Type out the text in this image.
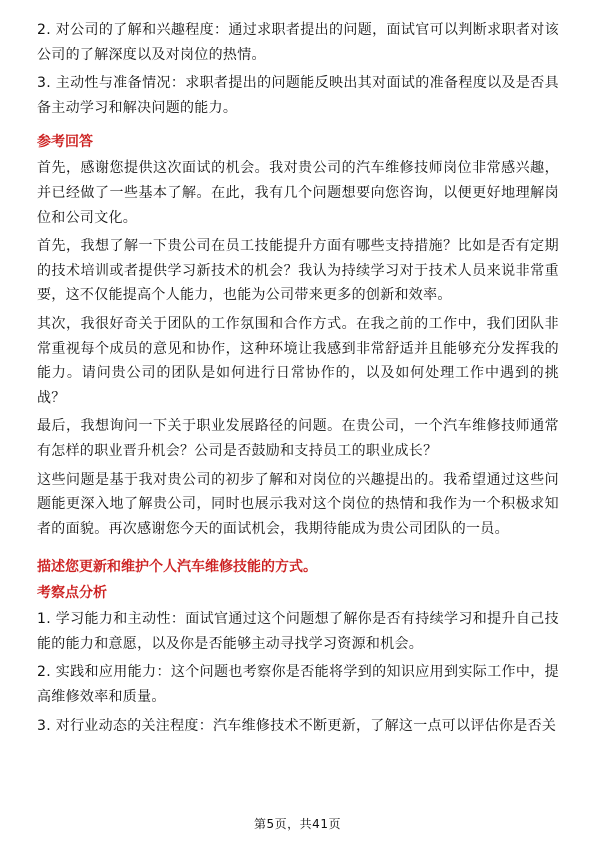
2. 对公司的了解和兴趣程度：通过求职者提出的问题，面试官可以判断求职者对该公司的了解深度以及对岗位的热情。

3. 主动性与准备情况：求职者提出的问题能反映出其对面试的准备程度以及是否具备主动学习和解决问题的能力。

参考回答

首先，感谢您提供这次面试的机会。我对贵公司的汽车维修技师岗位非常感兴趣，并已经做了一些基本了解。在此，我有几个问题想要向您咨询，以便更好地理解岗位和公司文化。

首先，我想了解一下贵公司在员工技能提升方面有哪些支持措施？比如是否有定期的技术培训或者提供学习新技术的机会？我认为持续学习对于技术人员来说非常重要，这不仅能提高个人能力，也能为公司带来更多的创新和效率。

其次，我很好奇关于团队的工作氛围和合作方式。在我之前的工作中，我们团队非常重视每个成员的意见和协作，这种环境让我感到非常舒适并且能够充分发挥我的能力。请问贵公司的团队是如何进行日常协作的，以及如何处理工作中遇到的挑战？

最后，我想询问一下关于职业发展路径的问题。在贵公司，一个汽车维修技师通常有怎样的职业晋升机会？公司是否鼓励和支持员工的职业成长？

这些问题是基于我对贵公司的初步了解和对岗位的兴趣提出的。我希望通过这些问题能更深入地了解贵公司，同时也展示我对这个岗位的热情和我作为一个积极求知者的面貌。再次感谢您今天的面试机会，我期待能成为贵公司团队的一员。

描述您更新和维护个人汽车维修技能的方式。
考察点分析

1. 学习能力和主动性：面试官通过这个问题想了解你是否有持续学习和提升自己技能的能力和意愿，以及你是否能够主动寻找学习资源和机会。

2. 实践和应用能力：这个问题也考察你是否能将学到的知识应用到实际工作中，提高维修效率和质量。

3. 对行业动态的关注程度：汽车维修技术不断更新，了解这一点可以评估你是否关

第5页，共41页
